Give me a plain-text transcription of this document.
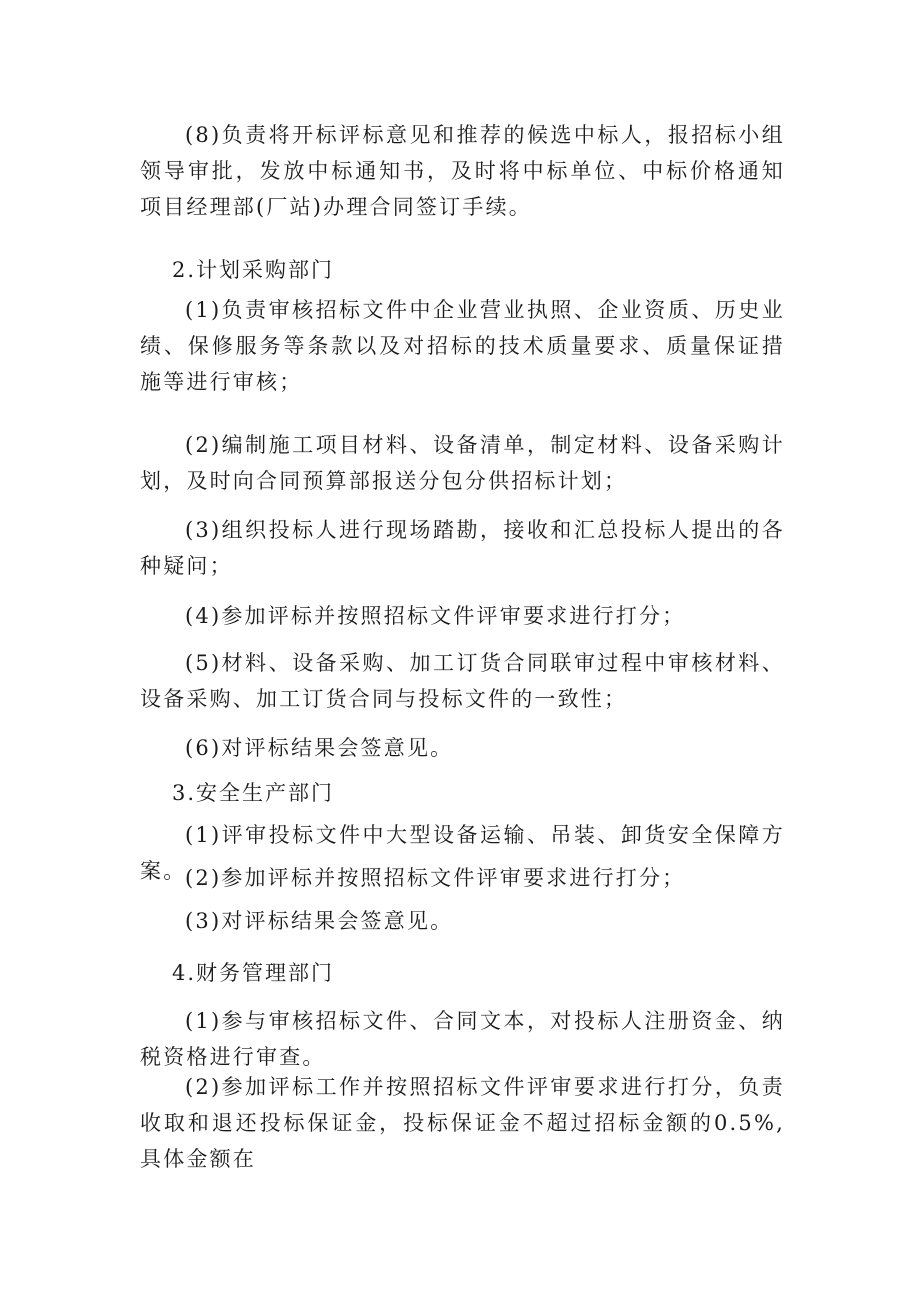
(8)负责将开标评标意见和推荐的候选中标人，报招标小组领导审批，发放中标通知书，及时将中标单位、中标价格通知项目经理部(厂站)办理合同签订手续。

2.计划采购部门

(1)负责审核招标文件中企业营业执照、企业资质、历史业绩、保修服务等条款以及对招标的技术质量要求、质量保证措施等进行审核；

(2)编制施工项目材料、设备清单，制定材料、设备采购计划，及时向合同预算部报送分包分供招标计划；

(3)组织投标人进行现场踏勘，接收和汇总投标人提出的各种疑问；

(4)参加评标并按照招标文件评审要求进行打分；

(5)材料、设备采购、加工订货合同联审过程中审核材料、设备采购、加工订货合同与投标文件的一致性；

(6)对评标结果会签意见。

3.安全生产部门

(1)评审投标文件中大型设备运输、吊装、卸货安全保障方案。

(2)参加评标并按照招标文件评审要求进行打分；

(3)对评标结果会签意见。

4.财务管理部门

(1)参与审核招标文件、合同文本，对投标人注册资金、纳税资格进行审查。

(2)参加评标工作并按照招标文件评审要求进行打分，负责收取和退还投标保证金，投标保证金不超过招标金额的0.5%,具体金额在
